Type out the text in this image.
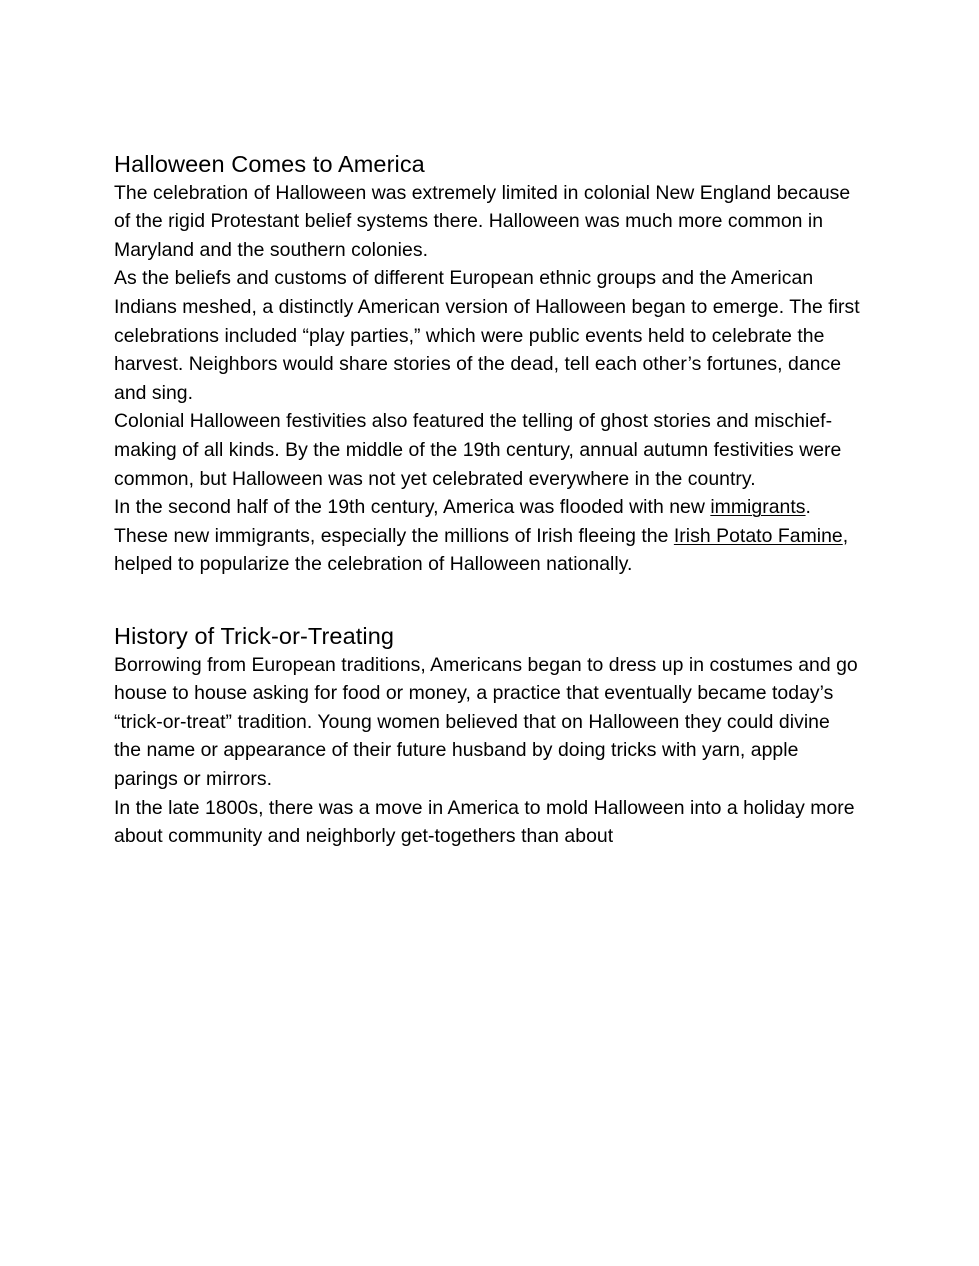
Halloween Comes to America

The celebration of Halloween was extremely limited in colonial New England because of the rigid Protestant belief systems there. Halloween was much more common in Maryland and the southern colonies.

As the beliefs and customs of different European ethnic groups and the American Indians meshed, a distinctly American version of Halloween began to emerge. The first celebrations included “play parties,” which were public events held to celebrate the harvest. Neighbors would share stories of the dead, tell each other’s fortunes, dance and sing.

Colonial Halloween festivities also featured the telling of ghost stories and mischief-making of all kinds. By the middle of the 19th century, annual autumn festivities were common, but Halloween was not yet celebrated everywhere in the country.

In the second half of the 19th century, America was flooded with new immigrants. These new immigrants, especially the millions of Irish fleeing the Irish Potato Famine, helped to popularize the celebration of Halloween nationally.

History of Trick-or-Treating

Borrowing from European traditions, Americans began to dress up in costumes and go house to house asking for food or money, a practice that eventually became today’s “trick-or-treat” tradition. Young women believed that on Halloween they could divine the name or appearance of their future husband by doing tricks with yarn, apple parings or mirrors.

In the late 1800s, there was a move in America to mold Halloween into a holiday more about community and neighborly get-togethers than about
